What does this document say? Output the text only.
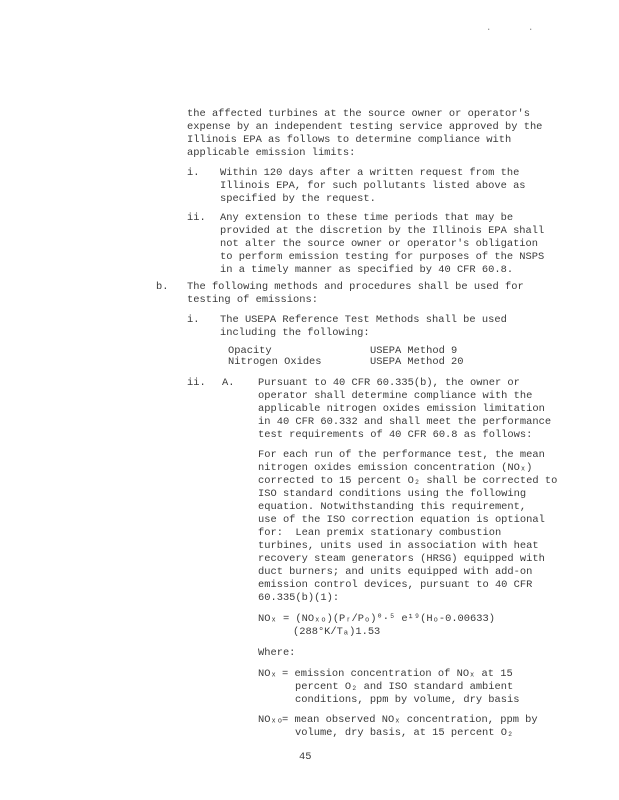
.	.
the affected turbines at the source owner or operator's
expense by an independent testing service approved by the
Illinois EPA as follows to determine compliance with
applicable emission limits:
i. Within 120 days after a written request from the
Illinois EPA, for such pollutants listed above as
specified by the request.
ii. Any extension to these time periods that may be
provided at the discretion by the Illinois EPA shall
not alter the source owner or operator's obligation
to perform emission testing for purposes of the NSPS
in a timely manner as specified by 40 CFR 60.8.
b. The following methods and procedures shall be used for
testing of emissions:
i. The USEPA Reference Test Methods shall be used
including the following:
Opacity	USEPA Method 9
Nitrogen Oxides	USEPA Method 20
ii. A. Pursuant to 40 CFR 60.335(b), the owner or
operator shall determine compliance with the
applicable nitrogen oxides emission limitation
in 40 CFR 60.332 and shall meet the performance
test requirements of 40 CFR 60.8 as follows:
For each run of the performance test, the mean
nitrogen oxides emission concentration (NOₓ)
corrected to 15 percent O₂ shall be corrected to
ISO standard conditions using the following
equation. Notwithstanding this requirement,
use of the ISO correction equation is optional
for:  Lean premix stationary combustion
turbines, units used in association with heat
recovery steam generators (HRSG) equipped with
duct burners; and units equipped with add-on
emission control devices, pursuant to 40 CFR
60.335(b)(1):
NOₓ = (NOₓₒ)(Pᵣ/Pₒ)⁰·⁵ e¹⁹(Hₒ-0.00633)
(288°K/Tₐ)1.53
Where:
NOₓ = emission concentration of NOₓ at 15
percent O₂ and ISO standard ambient
conditions, ppm by volume, dry basis
NOₓₒ = mean observed NOₓ concentration, ppm by
volume, dry basis, at 15 percent O₂
45
